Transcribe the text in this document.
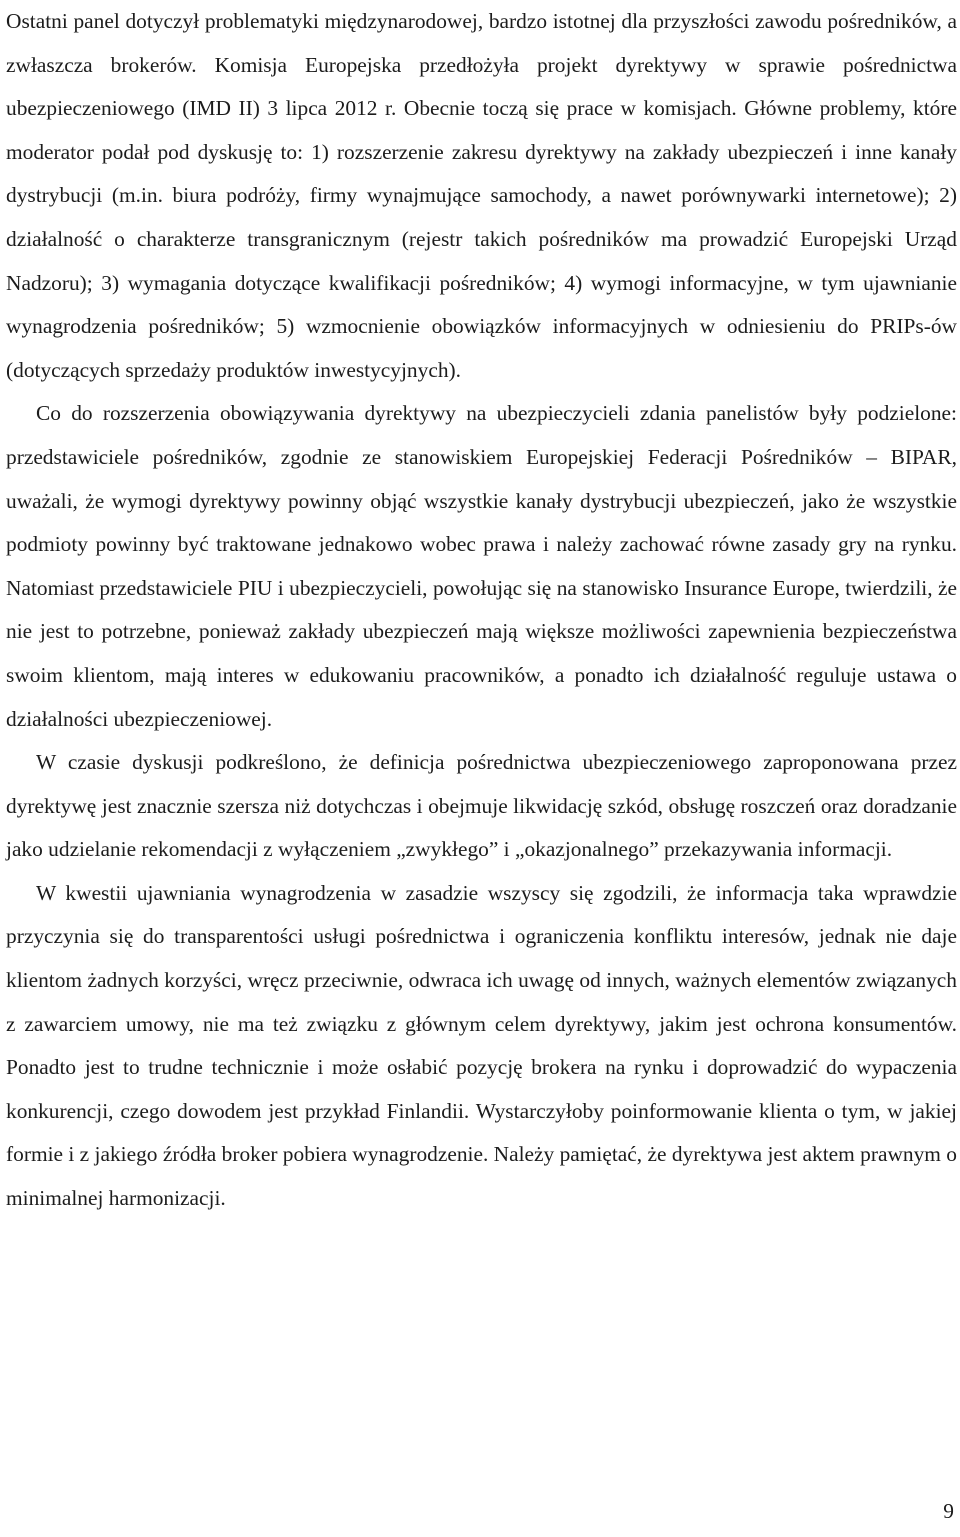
Ostatni panel dotyczył problematyki międzynarodowej, bardzo istotnej dla przyszłości zawodu pośredników, a zwłaszcza brokerów. Komisja Europejska przedłożyła projekt dyrektywy w sprawie pośrednictwa ubezpieczeniowego (IMD II) 3 lipca 2012 r. Obecnie toczą się prace w komisjach. Główne problemy, które moderator podał pod dyskusję to: 1) rozszerzenie zakresu dyrektywy na zakłady ubezpieczeń i inne kanały dystrybucji (m.in. biura podróży, firmy wynajmujące samochody, a nawet porównywarki internetowe); 2) działalność o charakterze transgranicznym (rejestr takich pośredników ma prowadzić Europejski Urząd Nadzoru); 3) wymagania dotyczące kwalifikacji pośredników; 4) wymogi informacyjne, w tym ujawnianie wynagrodzenia pośredników; 5) wzmocnienie obowiązków informacyjnych w odniesieniu do PRIPs-ów (dotyczących sprzedaży produktów inwestycyjnych).

Co do rozszerzenia obowiązywania dyrektywy na ubezpieczycieli zdania panelistów były podzielone: przedstawiciele pośredników, zgodnie ze stanowiskiem Europejskiej Federacji Pośredników – BIPAR, uważali, że wymogi dyrektywy powinny objąć wszystkie kanały dystrybucji ubezpieczeń, jako że wszystkie podmioty powinny być traktowane jednakowo wobec prawa i należy zachować równe zasady gry na rynku. Natomiast przedstawiciele PIU i ubezpieczycieli, powołując się na stanowisko Insurance Europe, twierdzili, że nie jest to potrzebne, ponieważ zakłady ubezpieczeń mają większe możliwości zapewnienia bezpieczeństwa swoim klientom, mają interes w edukowaniu pracowników, a ponadto ich działalność reguluje ustawa o działalności ubezpieczeniowej.

W czasie dyskusji podkreślono, że definicja pośrednictwa ubezpieczeniowego zaproponowana przez dyrektywę jest znacznie szersza niż dotychczas i obejmuje likwidację szkód, obsługę roszczeń oraz doradzanie jako udzielanie rekomendacji z wyłączeniem „zwykłego” i „okazjonalnego” przekazywania informacji.

W kwestii ujawniania wynagrodzenia w zasadzie wszyscy się zgodzili, że informacja taka wprawdzie przyczynia się do transparentości usługi pośrednictwa i ograniczenia konfliktu interesów, jednak nie daje klientom żadnych korzyści, wręcz przeciwnie, odwraca ich uwagę od innych, ważnych elementów związanych z zawarciem umowy, nie ma też związku z głównym celem dyrektywy, jakim jest ochrona konsumentów. Ponadto jest to trudne technicznie i może osłabić pozycję brokera na rynku i doprowadzić do wypaczenia konkurencji, czego dowodem jest przykład Finlandii. Wystarczyłoby poinformowanie klienta o tym, w jakiej formie i z jakiego źródła broker pobiera wynagrodzenie. Należy pamiętać, że dyrektywa jest aktem prawnym o minimalnej harmonizacji.

9
